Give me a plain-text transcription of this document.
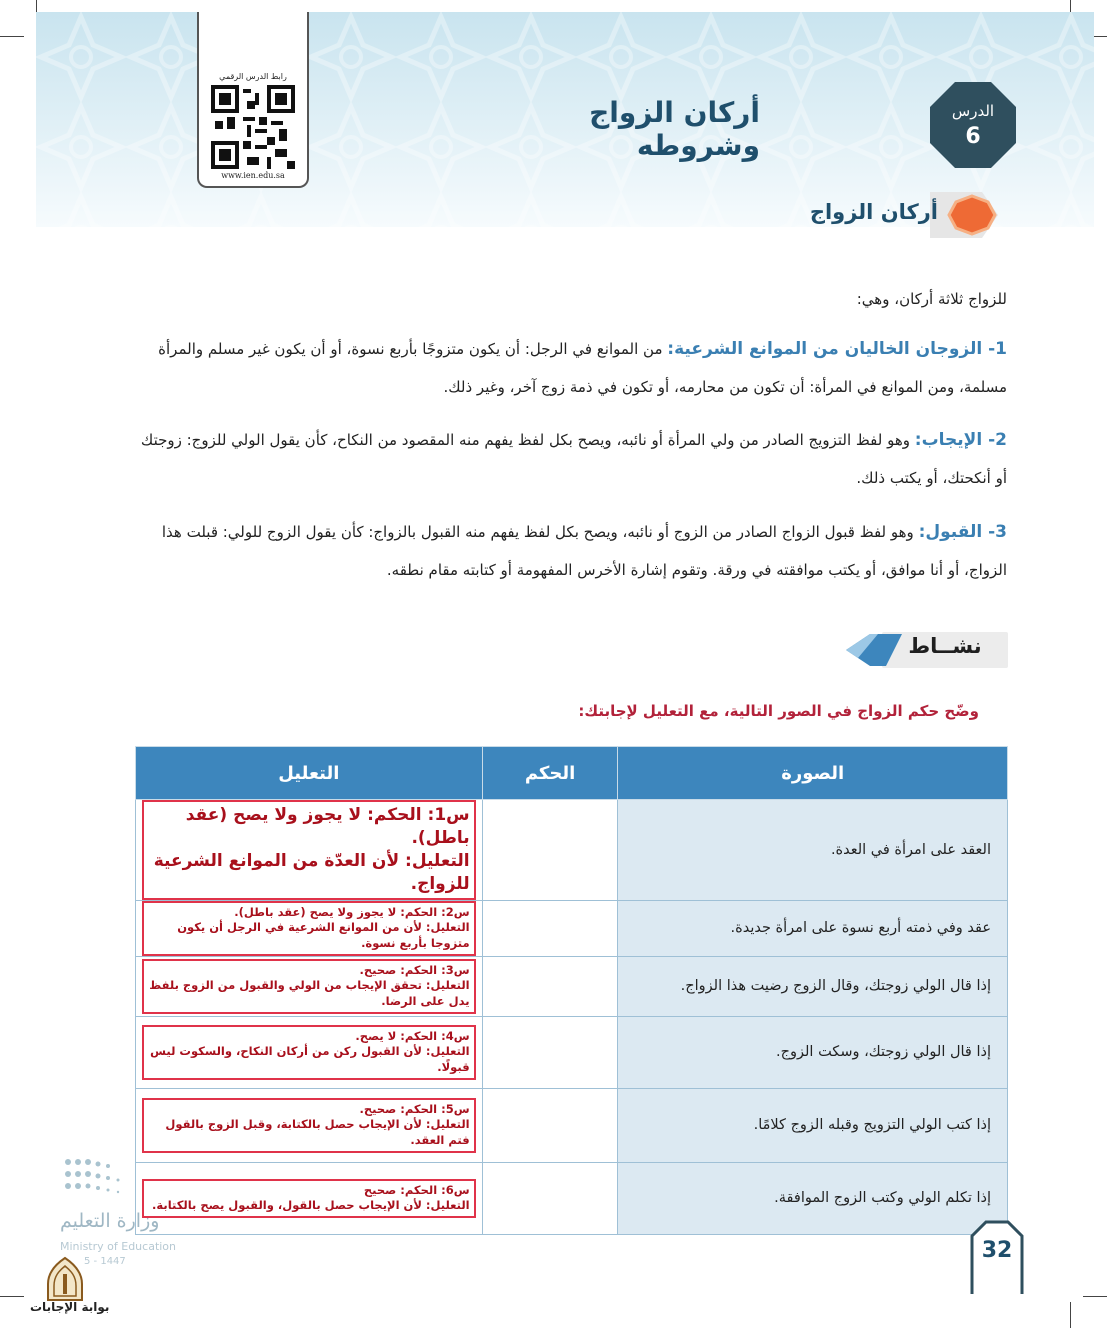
رابط الدرس الرقمي
www.ien.edu.sa
أركان الزواج وشروطه
الدرس
6
أركان الزواج
للزواج ثلاثة أركان، وهي:
1- الزوجان الخاليان من الموانع الشرعية: من الموانع في الرجل: أن يكون متزوجًا بأربع نسوة، أو أن يكون غير مسلم والمرأة مسلمة، ومن الموانع في المرأة: أن تكون من محارمه، أو تكون في ذمة زوج آخر، وغير ذلك.
2- الإيجاب: وهو لفظ التزويج الصادر من ولي المرأة أو نائبه، ويصح بكل لفظ يفهم منه المقصود من النكاح، كأن يقول الولي للزوج: زوجتك أو أنكحتك، أو يكتب ذلك.
3- القبول: وهو لفظ قبول الزواج الصادر من الزوج أو نائبه، ويصح بكل لفظ يفهم منه القبول بالزواج: كأن يقول الزوج للولي: قبلت هذا الزواج، أو أنا موافق، أو يكتب موافقته في ورقة. وتقوم إشارة الأخرس المفهومة أو كتابته مقام نطقه.
نشــاط
وضّح حكم الزواج في الصور التالية، مع التعليل لإجابتك:
الصورة	الحكم	التعليل
العقد على امرأة في العدة.		س1: الحكم: لا يجوز ولا يصح (عقد باطل).
التعليل: لأن العدّة من الموانع الشرعية للزواج.

عقد وفي ذمته أربع نسوة على امرأة جديدة.		س2: الحكم: لا يجوز ولا يصح (عقد باطل).
التعليل: لأن من الموانع الشرعية في الرجل أن يكون متزوجا بأربع نسوة.

إذا قال الولي زوجتك، وقال الزوج رضيت هذا الزواج.		س3: الحكم: صحيح.
التعليل: تحقق الإيجاب من الولي والقبول من الزوج بلفظ يدل على الرضا.

إذا قال الولي زوجتك، وسكت الزوج.		س4: الحكم: لا يصح.
التعليل: لأن القبول ركن من أركان النكاح، والسكوت ليس قبولًا.

إذا كتب الولي التزويج وقبله الزوج كلامًا.		س5: الحكم: صحيح.
التعليل: لأن الإيجاب حصل بالكتابة، وقبل الزوج بالقول فتم العقد.

إذا تكلم الولي وكتب الزوج الموافقة.		س6: الحكم: صحيح
التعليل: لأن الإيجاب حصل بالقول، والقبول يصح بالكتابة.
وزارة التعليم
Ministry of Education
5 - 1447
بوابة الإجابات
32
